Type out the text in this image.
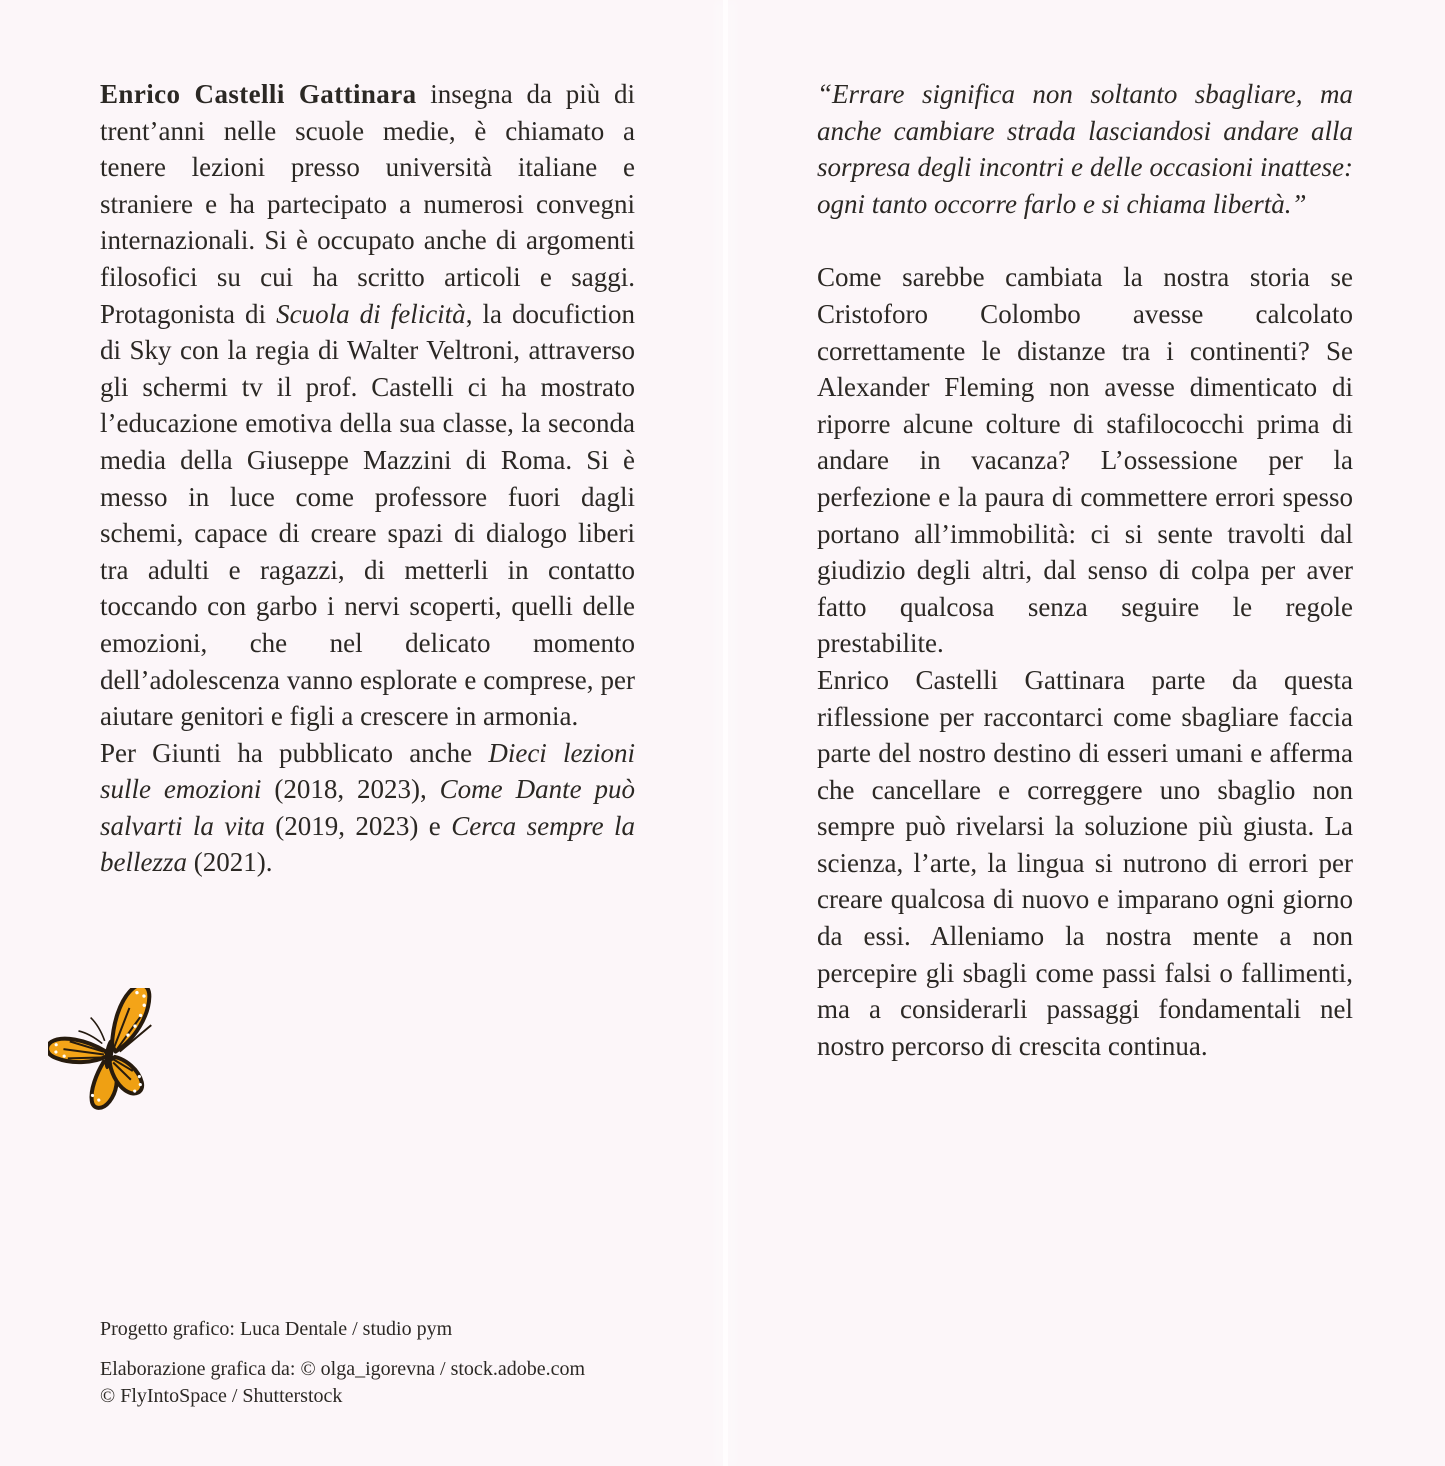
Enrico Castelli Gattinara insegna da più di trent’anni nelle scuole medie, è chiamato a tenere lezioni presso università italiane e straniere e ha partecipato a numerosi convegni internazionali. Si è occupato anche di argomenti filosofici su cui ha scritto articoli e saggi. Protagonista di Scuola di felicità, la docufiction di Sky con la regia di Walter Veltroni, attraverso gli schermi tv il prof. Castelli ci ha mostrato l’educazione emotiva della sua classe, la seconda media della Giuseppe Mazzini di Roma. Si è messo in luce come professore fuori dagli schemi, capace di creare spazi di dialogo liberi tra adulti e ragazzi, di metterli in contatto toccando con garbo i nervi scoperti, quelli delle emozioni, che nel delicato momento dell’adolescenza vanno esplorate e comprese, per aiutare genitori e figli a crescere in armonia.

Per Giunti ha pubblicato anche Dieci lezioni sulle emozioni (2018, 2023), Come Dante può salvarti la vita (2019, 2023) e Cerca sempre la bellezza (2021).

Progetto grafico: Luca Dentale / studio pym
Elaborazione grafica da: © olga_igorevna / stock.adobe.com
© FlyIntoSpace / Shutterstock

“Errare significa non soltanto sbagliare, ma anche cambiare strada lasciandosi andare alla sorpresa degli incontri e delle occasioni inattese: ogni tanto occorre farlo e si chiama libertà.”

Come sarebbe cambiata la nostra storia se Cristoforo Colombo avesse calcolato correttamente le distanze tra i continenti? Se Alexander Fleming non avesse dimenticato di riporre alcune colture di stafilococchi prima di andare in vacanza? L’ossessione per la perfezione e la paura di commettere errori spesso portano all’immobilità: ci si sente travolti dal giudizio degli altri, dal senso di colpa per aver fatto qualcosa senza seguire le regole prestabilite.

Enrico Castelli Gattinara parte da questa riflessione per raccontarci come sbagliare faccia parte del nostro destino di esseri umani e afferma che cancellare e correggere uno sbaglio non sempre può rivelarsi la soluzione più giusta. La scienza, l’arte, la lingua si nutrono di errori per creare qualcosa di nuovo e imparano ogni giorno da essi. Alleniamo la nostra mente a non percepire gli sbagli come passi falsi o fallimenti, ma a considerarli passaggi fondamentali nel nostro percorso di crescita continua.
